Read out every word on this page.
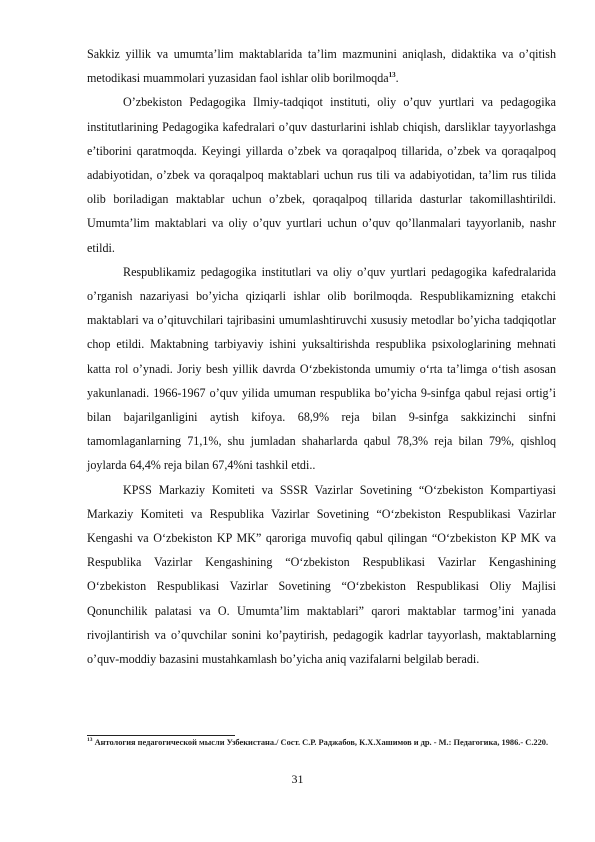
Sakkiz yillik va umumta’lim maktablarida ta’lim mazmunini aniqlash, didaktika va o’qitish metodikasi muammolari yuzasidan faol ishlar olib borilmoqda$^{13}$.

O’zbekiston Pedagogika Ilmiy-tadqiqot instituti, oliy o’quv yurtlari va pedagogika institutlarining Pedagogika kafedralari o’quv dasturlarini ishlab chiqish, darsliklar tayyorlashga e’tiborini qaratmoqda. Keyingi yillarda o’zbek va qoraqalpoq tillarida, o’zbek va qoraqalpoq adabiyotidan, o’zbek va qoraqalpoq maktablari uchun rus tili va adabiyotidan, ta’lim rus tilida olib boriladigan maktablar uchun o’zbek, qoraqalpoq tillarida dasturlar takomillashtirildi. Umumta’lim maktablari va oliy o’quv yurtlari uchun o’quv qo’llanmalari tayyorlanib, nashr etildi.

Respublikamiz pedagogika institutlari va oliy o’quv yurtlari pedagogika kafedralarida o’rganish nazariyasi bo’yicha qiziqarli ishlar olib borilmoqda. Respublikamizning etakchi maktablari va o’qituvchilari tajribasini umumlashtiruvchi xususiy metodlar bo’yicha tadqiqotlar chop etildi. Maktabning tarbiyaviy ishini yuksaltirishda respublika psixologlarining mehnati katta rol o’ynadi. Joriy besh yillik davrda O‘zbekistonda umumiy o‘rta ta’limga o‘tish asosan yakunlanadi. 1966-1967 o’quv yilida umuman respublika bo’yicha 9-sinfga qabul rejasi ortig’i bilan bajarilganligini aytish kifoya. 68,9% reja bilan 9-sinfga sakkizinchi sinfni tamomlaganlarning 71,1%, shu jumladan shaharlarda qabul 78,3% reja bilan 79%, qishloq joylarda 64,4% reja bilan 67,4%ni tashkil etdi..

KPSS Markaziy Komiteti va SSSR Vazirlar Sovetining “O‘zbekiston Kompartiyasi Markaziy Komiteti va Respublika Vazirlar Sovetining “O‘zbekiston Respublikasi Vazirlar Kengashi va O‘zbekiston KP MK” qaroriga muvofiq qabul qilingan “O‘zbekiston KP MK va Respublika Vazirlar Kengashining “O‘zbekiston Respublikasi Vazirlar Kengashining O‘zbekiston Respublikasi Vazirlar Sovetining “O‘zbekiston Respublikasi Oliy Majlisi Qonunchilik palatasi va O. Umumta’lim maktablari” qarori maktablar tarmog’ini yanada rivojlantirish va o’quvchilar sonini ko’paytirish, pedagogik kadrlar tayyorlash, maktablarning o’quv-moddiy bazasini mustahkamlash bo’yicha aniq vazifalarni belgilab beradi.

$^{13}$ Антология педагогической мысли Узбекистана./ Сост. С.Р. Раджабов, К.Х.Хашимов и др. - М.: Педагогика, 1986.- С.220.
31
